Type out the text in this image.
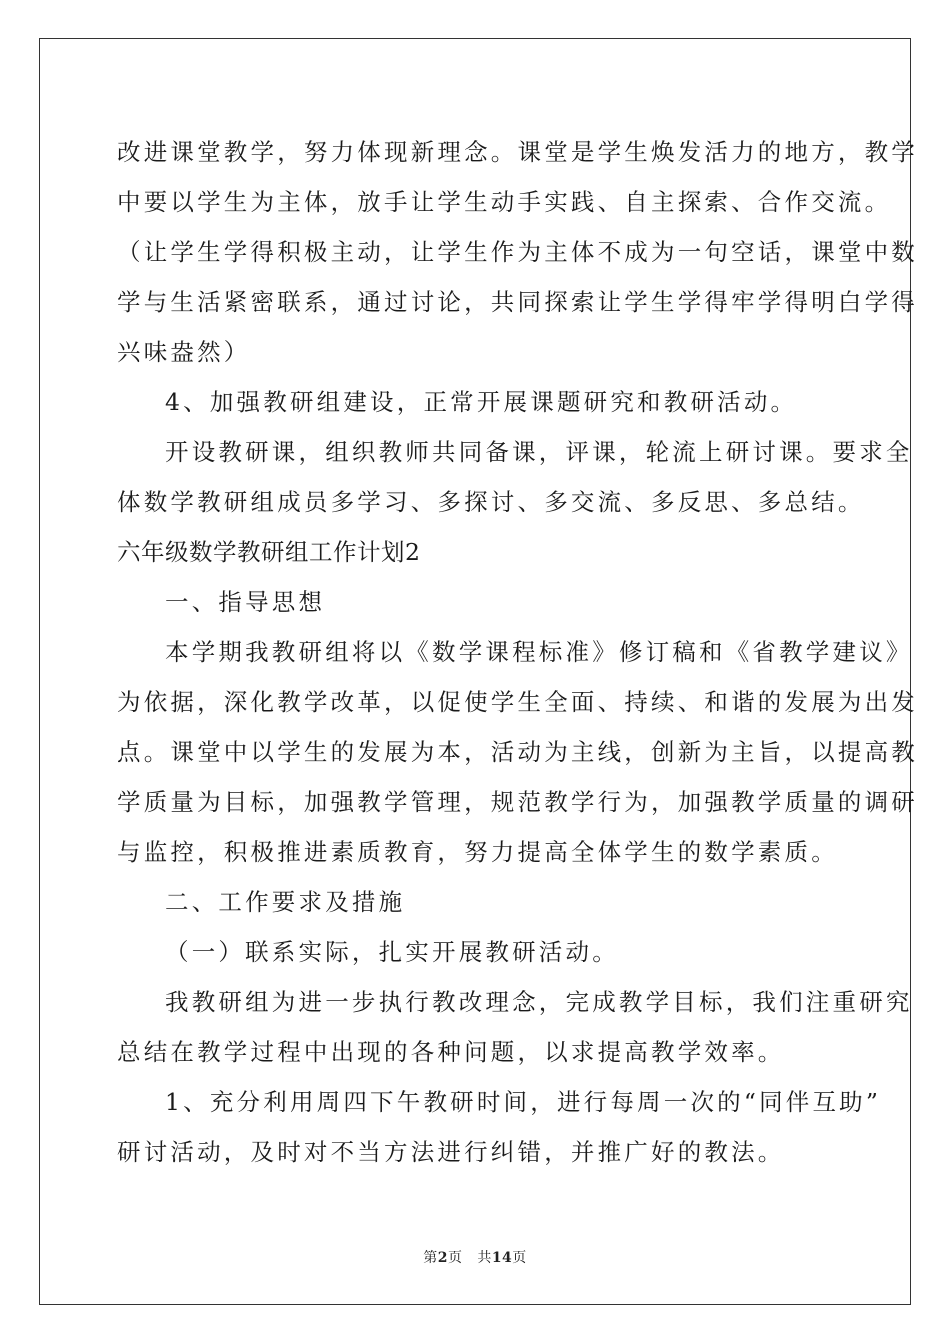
改进课堂教学，努力体现新理念。课堂是学生焕发活力的地方，教学
中要以学生为主体，放手让学生动手实践、自主探索、合作交流。
（让学生学得积极主动，让学生作为主体不成为一句空话，课堂中数
学与生活紧密联系，通过讨论，共同探索让学生学得牢学得明白学得
兴味盎然）
4、加强教研组建设，正常开展课题研究和教研活动。
开设教研课，组织教师共同备课，评课，轮流上研讨课。要求全
体数学教研组成员多学习、多探讨、多交流、多反思、多总结。
六年级数学教研组工作计划2
一、指导思想
本学期我教研组将以《数学课程标准》修订稿和《省教学建议》
为依据，深化教学改革，以促使学生全面、持续、和谐的发展为出发
点。课堂中以学生的发展为本，活动为主线，创新为主旨，以提高教
学质量为目标，加强教学管理，规范教学行为，加强教学质量的调研
与监控，积极推进素质教育，努力提高全体学生的数学素质。
二、工作要求及措施
（一）联系实际，扎实开展教研活动。
我教研组为进一步执行教改理念，完成教学目标，我们注重研究
总结在教学过程中出现的各种问题，以求提高教学效率。
1、充分利用周四下午教研时间，进行每周一次的“同伴互助”
研讨活动，及时对不当方法进行纠错，并推广好的教法。
第2页 共14页
